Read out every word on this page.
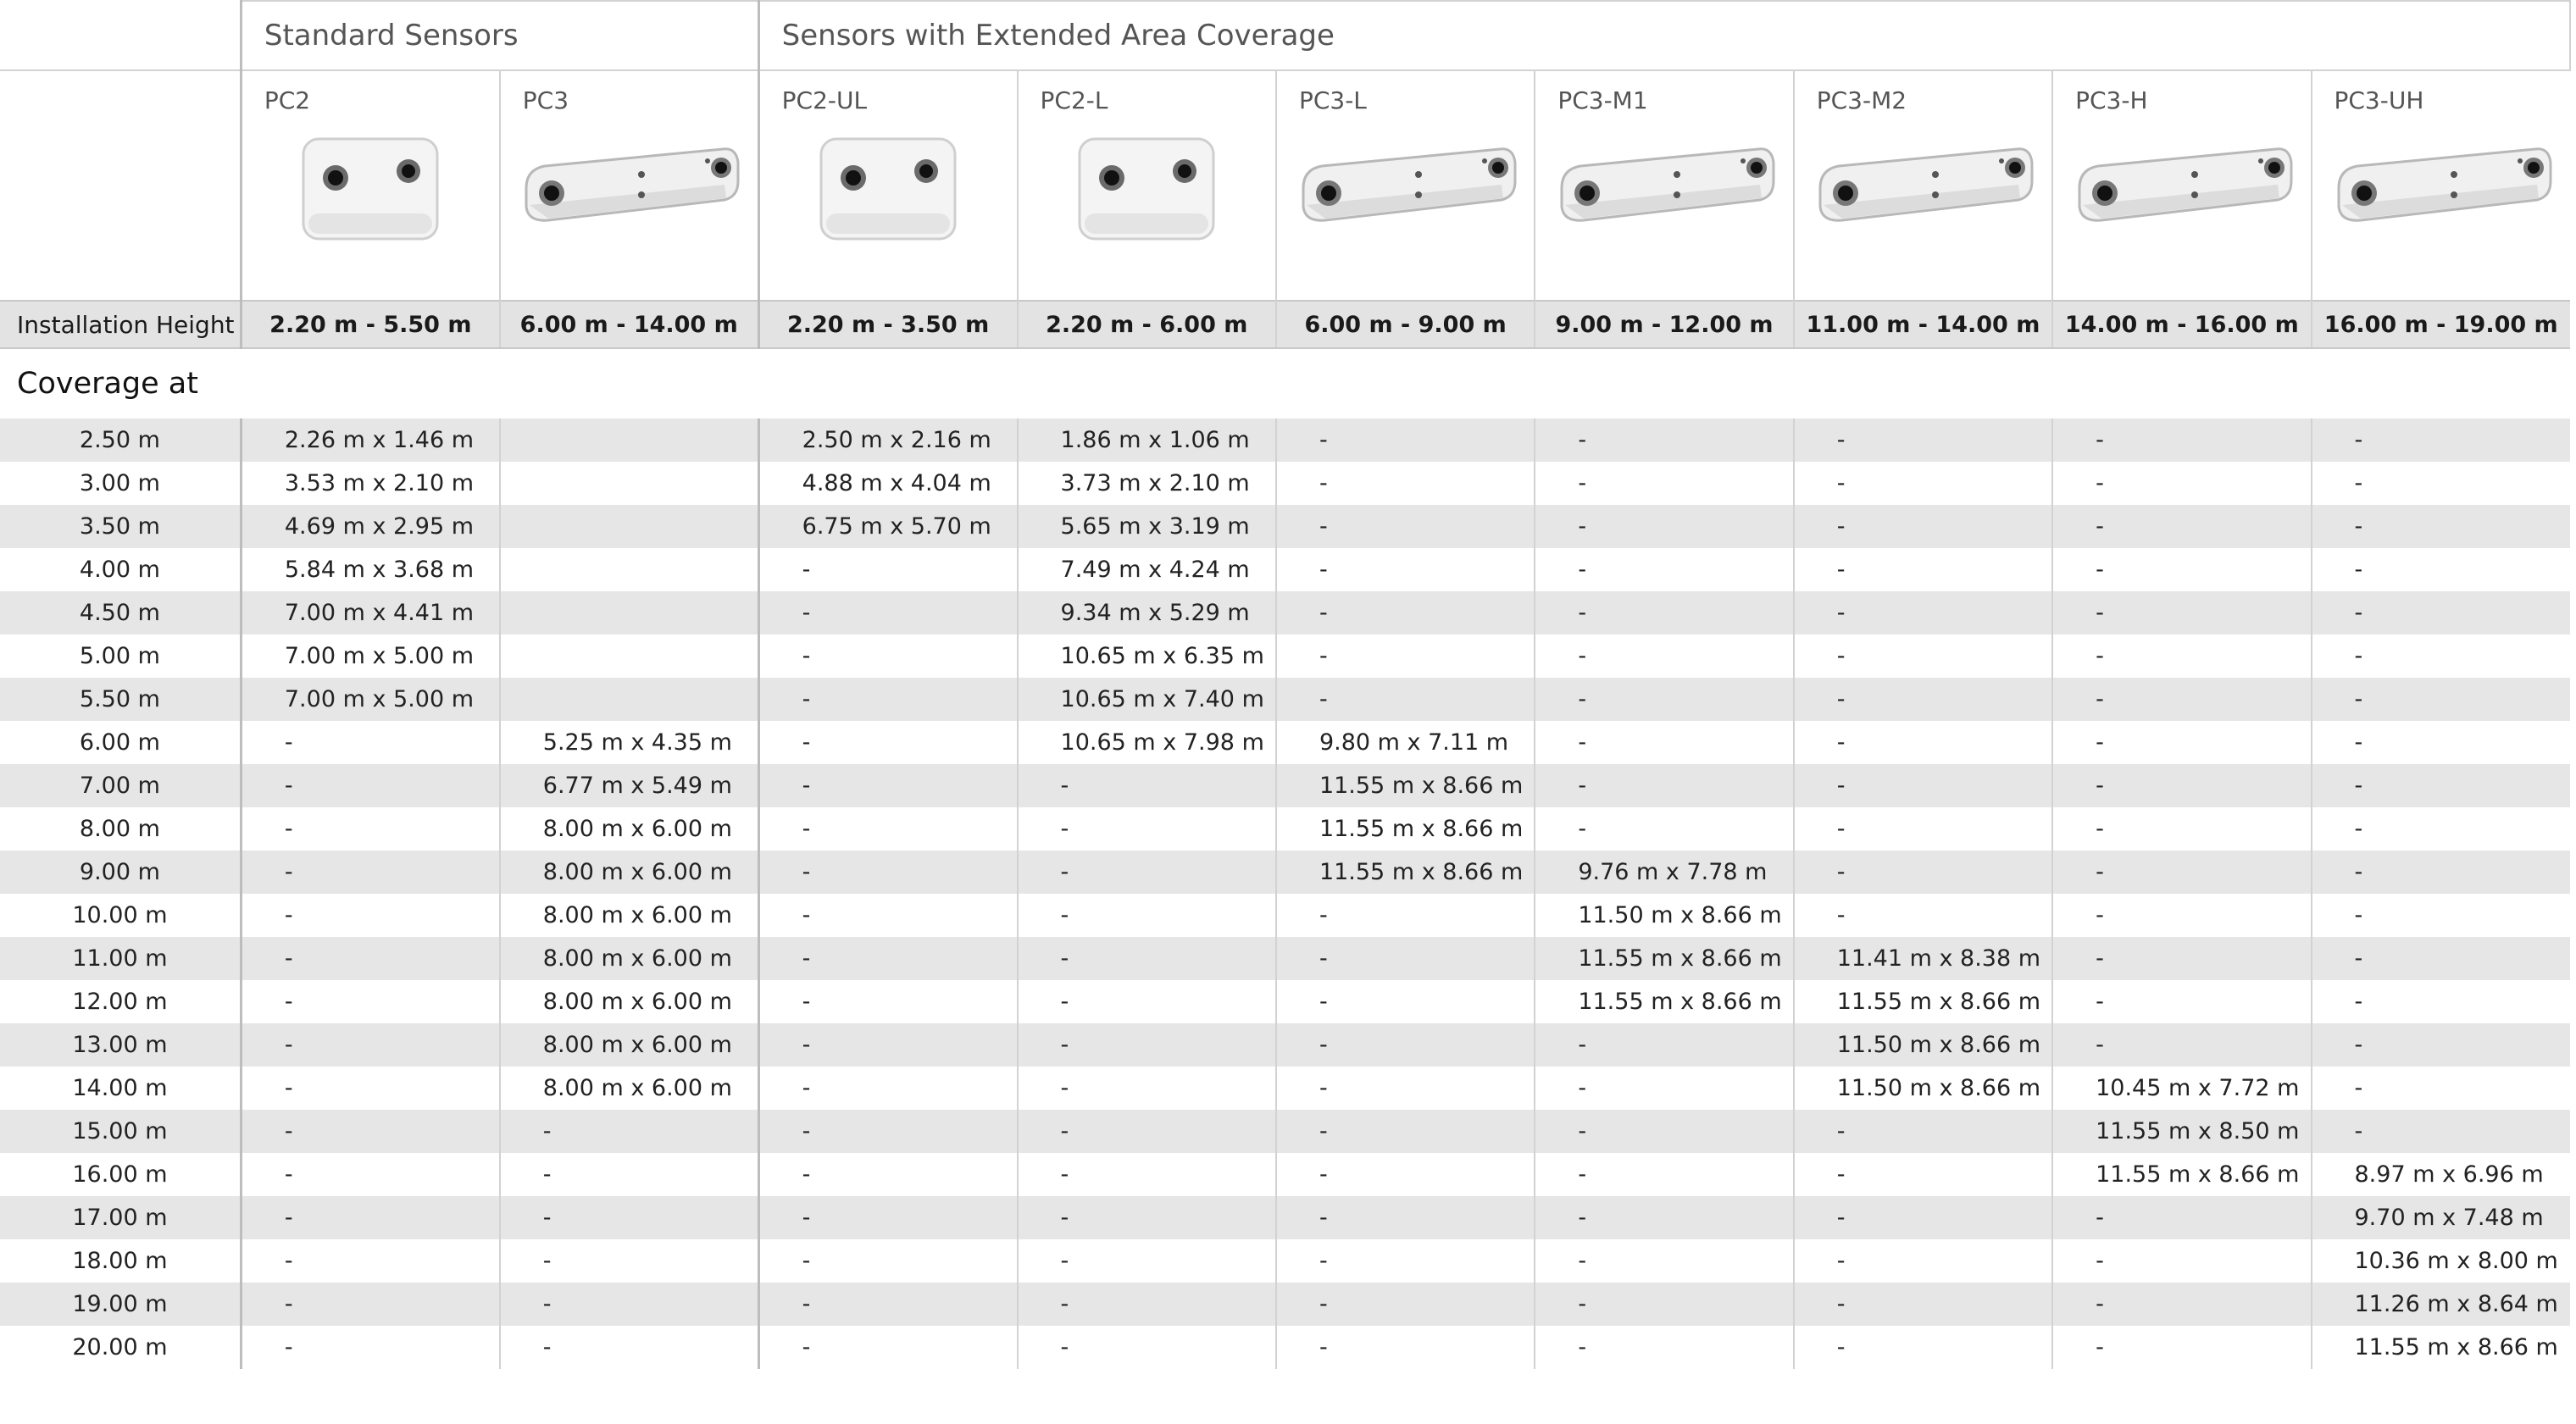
	Standard Sensors		Sensors with Extended Area Coverage						

	PC2	PC3	PC2-UL	PC2-L	PC3-L	PC3-M1	PC3-M2	PC3-H	PC3-UH

Installation Height	2.20 m - 5.50 m	6.00 m - 14.00 m	2.20 m - 3.50 m	2.20 m - 6.00 m	6.00 m - 9.00 m	9.00 m - 12.00 m	11.00 m - 14.00 m	14.00 m - 16.00 m	16.00 m - 19.00 m
Coverage at									
2.50 m	2.26 m x 1.46 m		2.50 m x 2.16 m	1.86 m x 1.06 m	-	-	-	-	-
3.00 m	3.53 m x 2.10 m		4.88 m x 4.04 m	3.73 m x 2.10 m	-	-	-	-	-
3.50 m	4.69 m x 2.95 m		6.75 m x 5.70 m	5.65 m x 3.19 m	-	-	-	-	-
4.00 m	5.84 m x 3.68 m		-	7.49 m x 4.24 m	-	-	-	-	-
4.50 m	7.00 m x 4.41 m		-	9.34 m x 5.29 m	-	-	-	-	-
5.00 m	7.00 m x 5.00 m		-	10.65 m x 6.35 m	-	-	-	-	-
5.50 m	7.00 m x 5.00 m		-	10.65 m x 7.40 m	-	-	-	-	-
6.00 m	-	5.25 m x 4.35 m	-	10.65 m x 7.98 m	9.80 m x 7.11 m	-	-	-	-
7.00 m	-	6.77 m x 5.49 m	-	-	11.55 m x 8.66 m	-	-	-	-
8.00 m	-	8.00 m x 6.00 m	-	-	11.55 m x 8.66 m	-	-	-	-
9.00 m	-	8.00 m x 6.00 m	-	-	11.55 m x 8.66 m	9.76 m x 7.78 m	-	-	-
10.00 m	-	8.00 m x 6.00 m	-	-	-	11.50 m x 8.66 m	-	-	-
11.00 m	-	8.00 m x 6.00 m	-	-	-	11.55 m x 8.66 m	11.41 m x 8.38 m	-	-
12.00 m	-	8.00 m x 6.00 m	-	-	-	11.55 m x 8.66 m	11.55 m x 8.66 m	-	-
13.00 m	-	8.00 m x 6.00 m	-	-	-	-	11.50 m x 8.66 m	-	-
14.00 m	-	8.00 m x 6.00 m	-	-	-	-	11.50 m x 8.66 m	10.45 m x 7.72 m	-
15.00 m	-	-	-	-	-	-	-	11.55 m x 8.50 m	-
16.00 m	-	-	-	-	-	-	-	11.55 m x 8.66 m	8.97 m x 6.96 m
17.00 m	-	-	-	-	-	-	-	-	9.70 m x 7.48 m
18.00 m	-	-	-	-	-	-	-	-	10.36 m x 8.00 m
19.00 m	-	-	-	-	-	-	-	-	11.26 m x 8.64 m
20.00 m	-	-	-	-	-	-	-	-	11.55 m x 8.66 m
